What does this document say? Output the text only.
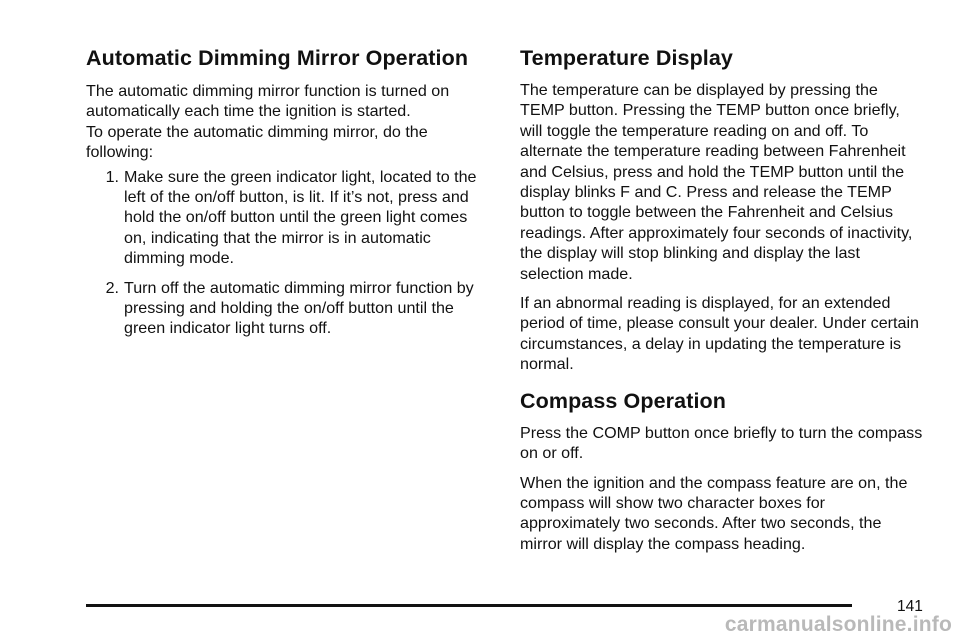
Automatic Dimming Mirror Operation

The automatic dimming mirror function is turned on automatically each time the ignition is started.

To operate the automatic dimming mirror, do the following:

1. Make sure the green indicator light, located to the left of the on/off button, is lit. If it’s not, press and hold the on/off button until the green light comes on, indicating that the mirror is in automatic dimming mode.
2. Turn off the automatic dimming mirror function by pressing and holding the on/off button until the green indicator light turns off.
Temperature Display

The temperature can be displayed by pressing the TEMP button. Pressing the TEMP button once briefly, will toggle the temperature reading on and off. To alternate the temperature reading between Fahrenheit and Celsius, press and hold the TEMP button until the display blinks F and C. Press and release the TEMP button to toggle between the Fahrenheit and Celsius readings. After approximately four seconds of inactivity, the display will stop blinking and display the last selection made.

If an abnormal reading is displayed, for an extended period of time, please consult your dealer. Under certain circumstances, a delay in updating the temperature is normal.

Compass Operation

Press the COMP button once briefly to turn the compass on or off.

When the ignition and the compass feature are on, the compass will show two character boxes for approximately two seconds. After two seconds, the mirror will display the compass heading.

141
carmanualsonline.info
